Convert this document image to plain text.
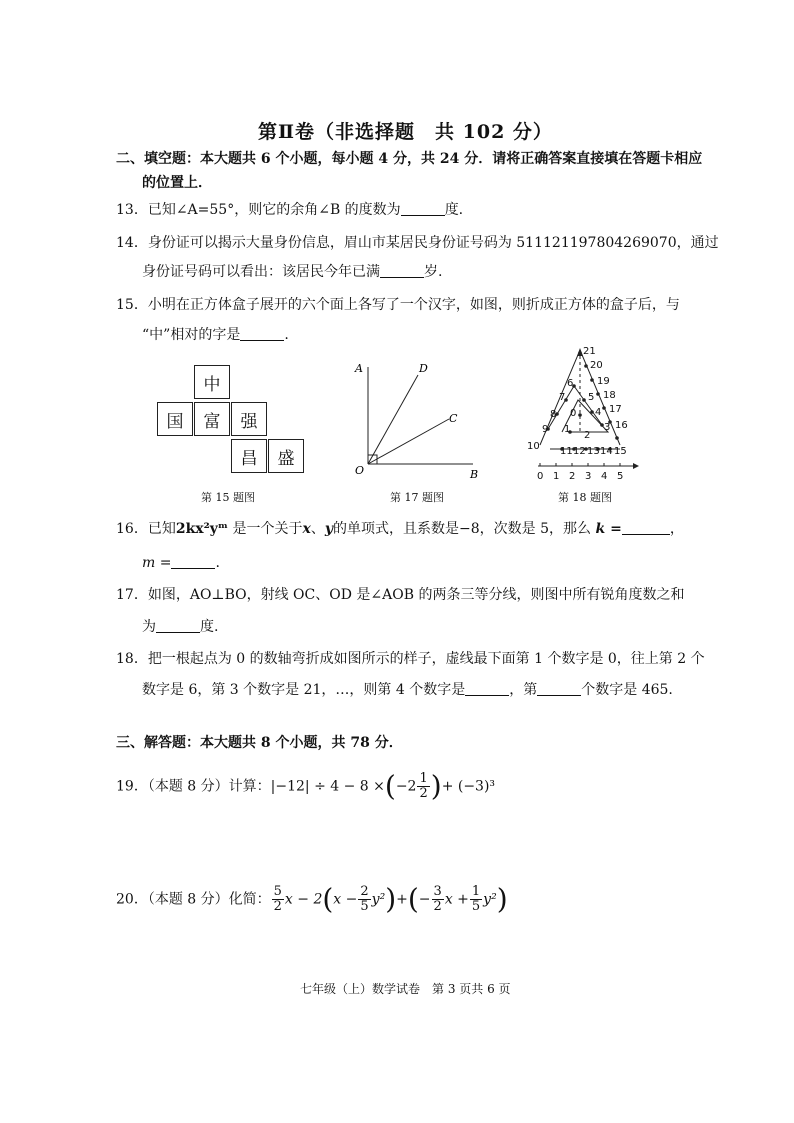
第Ⅱ卷（非选择题　共 102 分）
二、填空题：本大题共 6 个小题，每小题 4 分，共 24 分．请将正确答案直接填在答题卡相应
的位置上．
13．已知∠A=55°，则它的余角∠B 的度数为	度.
14．身份证可以揭示大量身份信息，眉山市某居民身份证号码为 511121197804269070，通过
身份证号码可以看出：该居民今年已满	岁.
15．小明在正方体盒子展开的六个面上各写了一个汉字，如图，则折成正方体的盒子后，与
“中”相对的字是	.
中
国	富	强
昌	盛
第 15 题图
A	D
C
O	B
第 17 题图
21
20
19
18
17
16
15
14
13
12
11
10
9
8
7
6
5
4
3
2
1
0
0 1 2 3 4 5
第 18 题图
16．已知2kx²yᵐ 是一个关于x、y的单项式，且系数是−8，次数是 5，那么 k =	，
m =	.
17．如图，AO⊥BO，射线 OC、OD 是∠AOB 的两条三等分线，则图中所有锐角度数之和
为	度.
18．把一根起点为 0 的数轴弯折成如图所示的样子，虚线最下面第 1 个数字是 0，往上第 2 个
数字是 6，第 3 个数字是 21，…，则第 4 个数字是	，第	个数字是 465.
三、解答题：本大题共 8 个小题，共 78 分．
19．（本题 8 分）计算：$|-12| \div 4 - 8 \times(-2 \frac{1}{2}$ )+ (−3)³
20．（本题 8 分）化简： $\frac{5}{2}$ $x - 2(x - \frac{2}{5} y^2)+(- \frac{3}{2}$ $x + \frac{1}{5} y^2$)
七年级（上）数学试卷　第 3 页共 6 页
